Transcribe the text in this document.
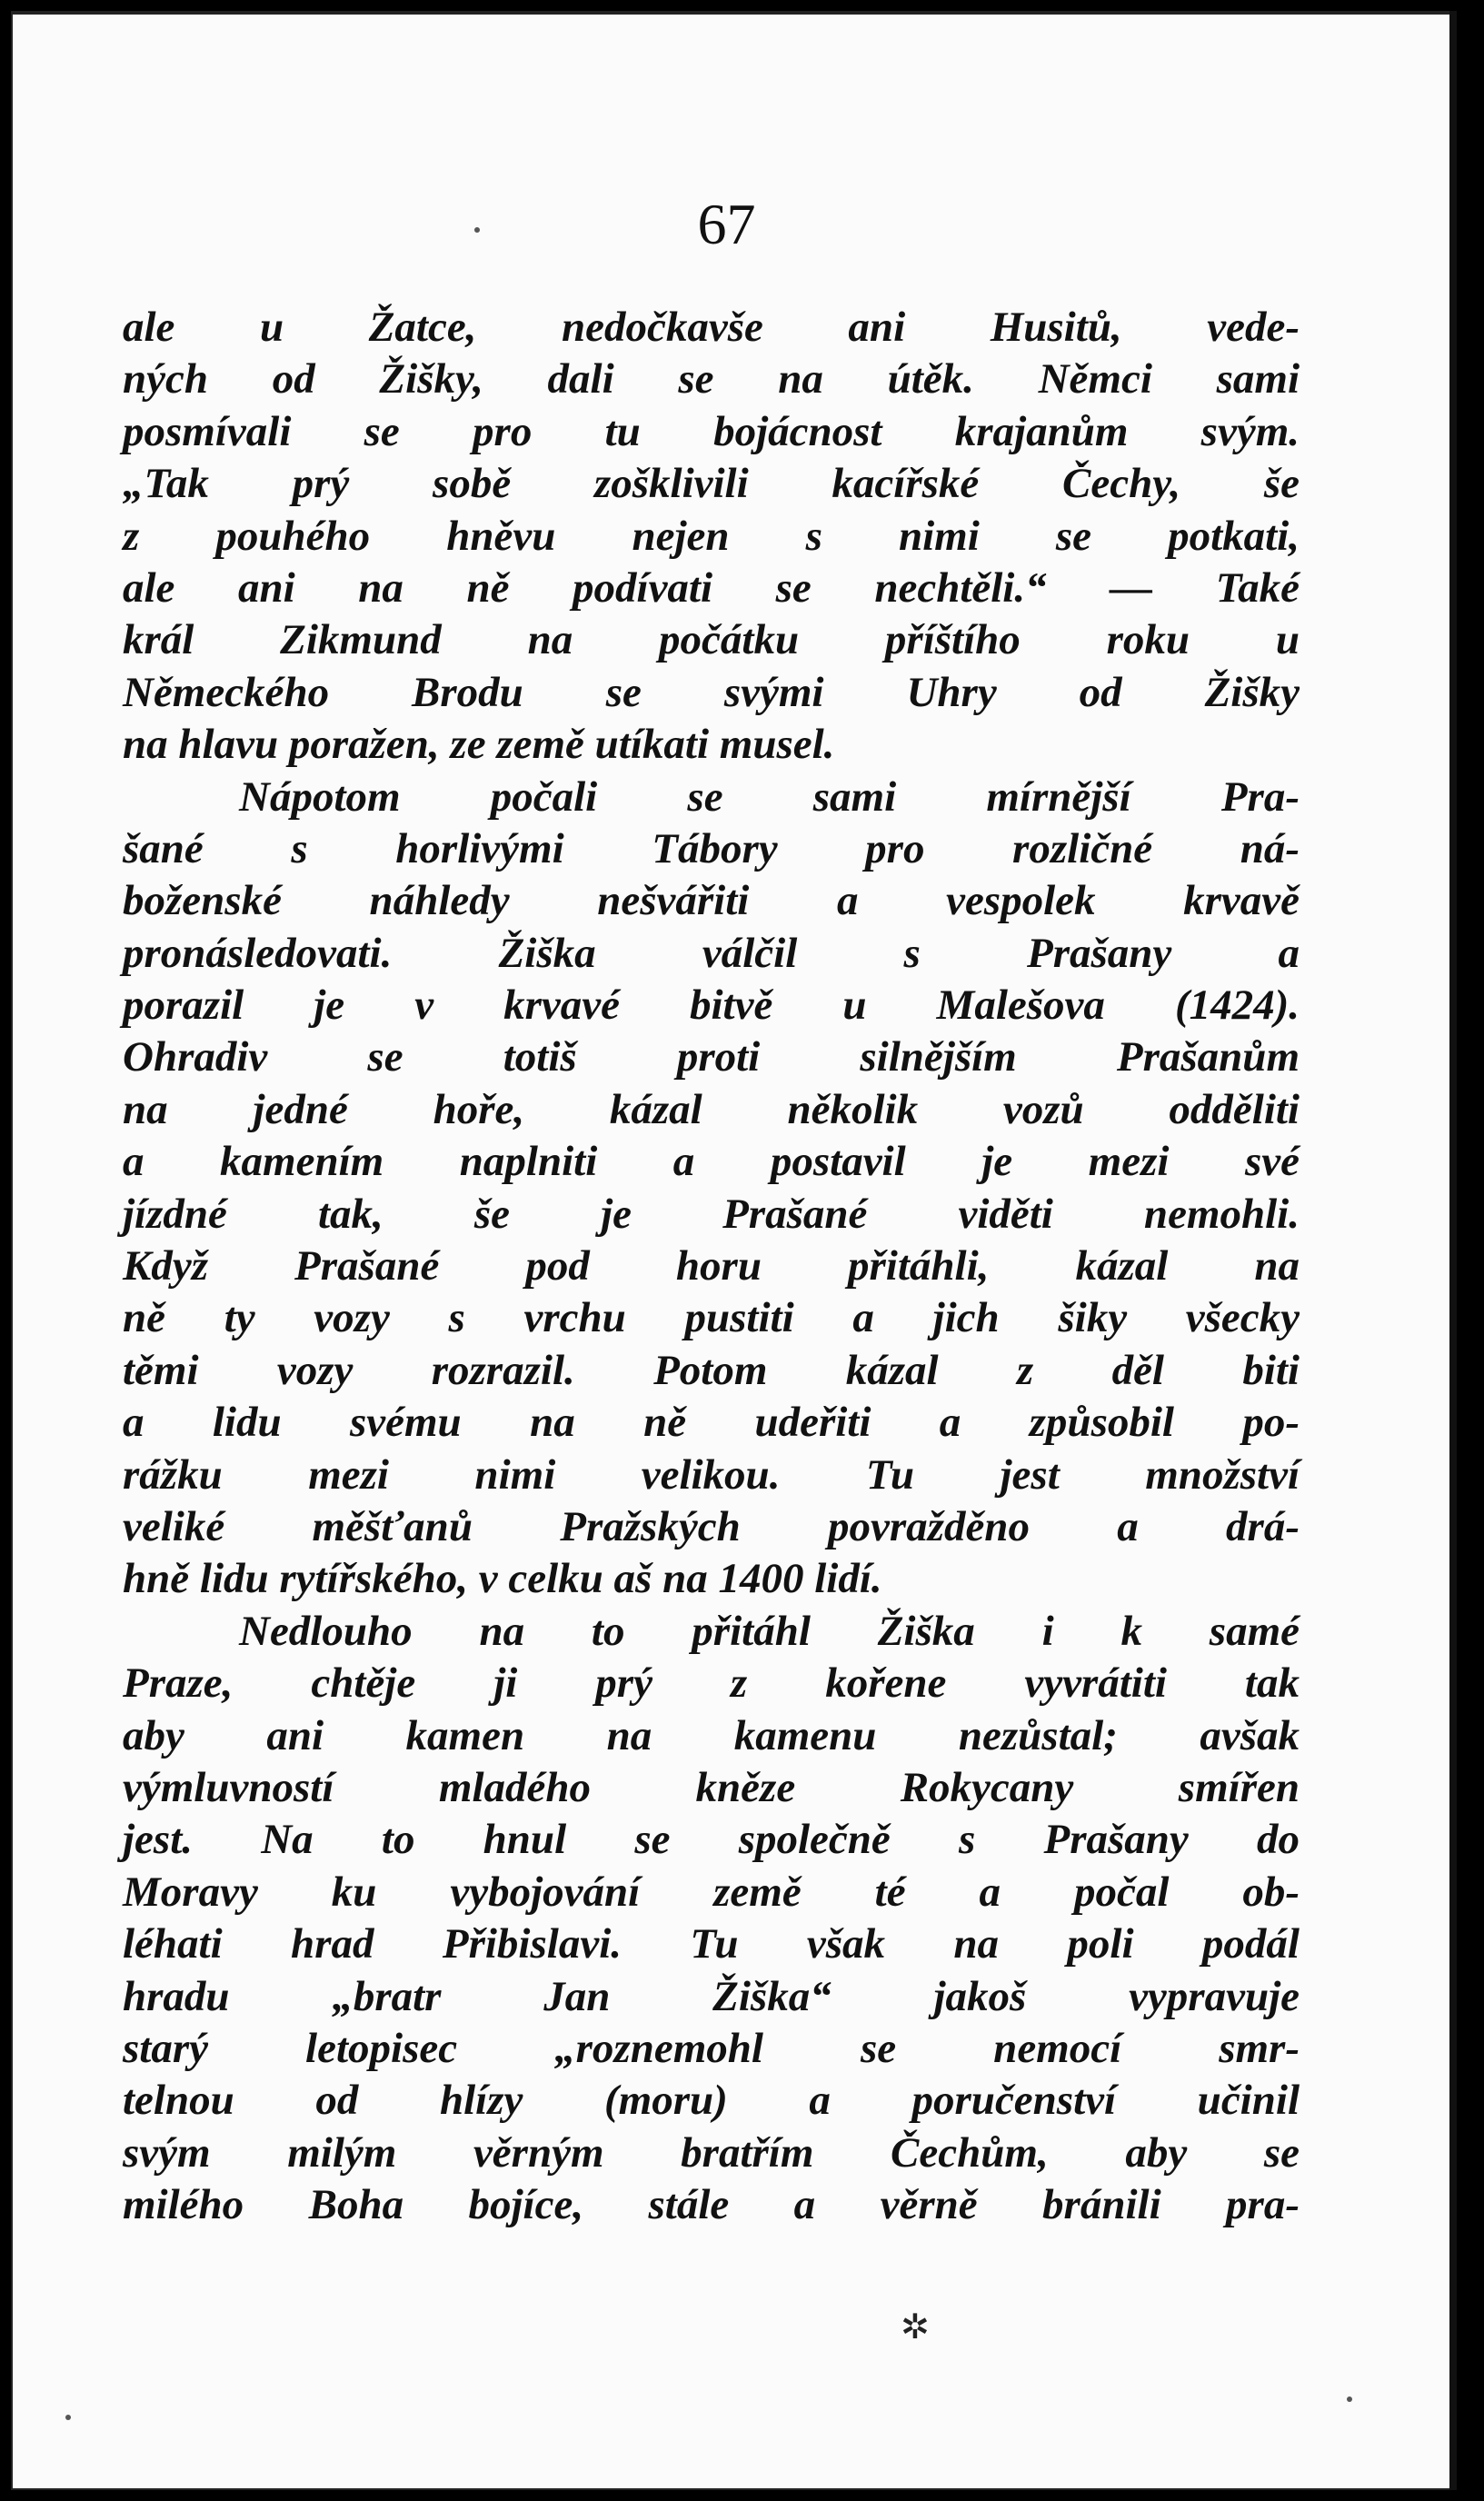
67
ale u Žatce, nedočkavše ani Husitů, vede-
ných od Žišky, dali se na útěk. Němci sami
posmívali se pro tu bojácnost krajanům svým.
„Tak prý sobě zošklivili kacířské Čechy, še
z pouhého hněvu nejen s nimi se potkati,
ale ani na ně podívati se nechtěli.“ — Také
král Zikmund na počátku příštího roku u
Německého Brodu se svými Uhry od Žišky
na hlavu poražen, ze země utíkati musel.
Nápotom počali se sami mírnější Pra-
šané s horlivými Tábory pro rozličné ná-
boženské náhledy nešvářiti a vespolek krvavě
pronásledovati. Žiška válčil s Prašany a
porazil je v krvavé bitvě u Malešova (1424).
Ohradiv se totiš proti silnějším Prašanům
na jedné hoře, kázal několik vozů odděliti
a kamením naplniti a postavil je mezi své
jízdné tak, še je Prašané viděti nemohli.
Když Prašané pod horu přitáhli, kázal na
ně ty vozy s vrchu pustiti a jich šiky všecky
těmi vozy rozrazil. Potom kázal z děl biti
a lidu svému na ně udeřiti a způsobil po-
rážku mezi nimi velikou. Tu jest množství
veliké měšťanů Pražských povražděno a drá-
hně lidu rytířského, v celku aš na 1400 lidí.
Nedlouho na to přitáhl Žiška i k samé
Praze, chtěje ji prý z kořene vyvrátiti tak
aby ani kamen na kamenu nezůstal; avšak
výmluvností mladého kněze Rokycany smířen
jest. Na to hnul se společně s Prašany do
Moravy ku vybojování země té a počal ob-
léhati hrad Přibislavi. Tu však na poli podál
hradu „bratr Jan Žiška“ jakoš vypravuje
starý letopisec „roznemohl se nemocí smr-
telnou od hlízy (moru) a poručenství učinil
svým milým věrným bratřím Čechům, aby se
milého Boha bojíce, stále a věrně bránili pra-
✲
